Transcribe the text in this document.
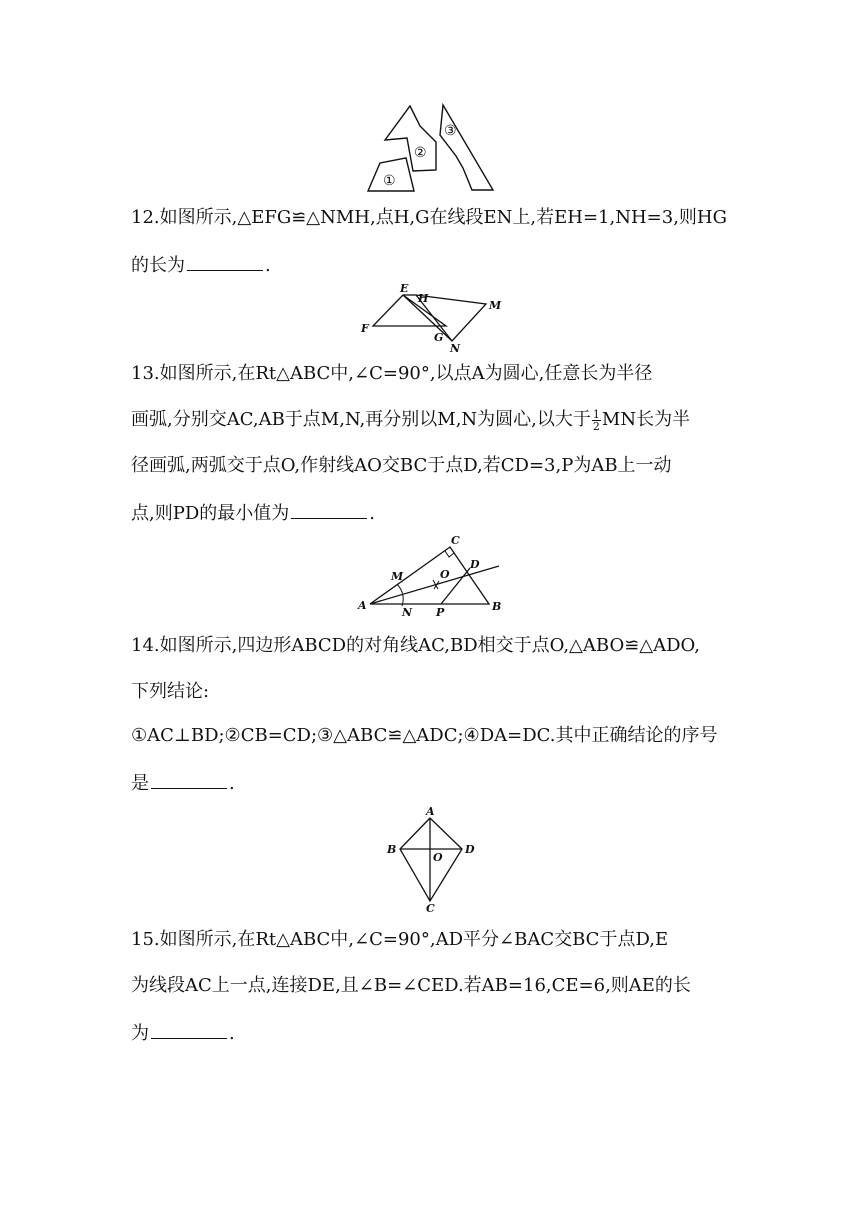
①
②
③
12.如图所示,△EFG≌△NMH,点H,G在线段EN上,若EH=1,NH=3,则HG
的长为	.
E
H
M
F
G
N
13.如图所示,在Rt△ABC中,∠C=90°,以点A为圆心,任意长为半径
画弧,分别交AC,AB于点M,N,再分别以M,N为圆心,以大于 $\frac{1}{2}$ MN长为半
径画弧,两弧交于点O,作射线AO交BC于点D,若CD=3,P为AB上一动
点,则PD的最小值为	.
C
M	O
D
A
N P	B
14.如图所示,四边形ABCD的对角线AC,BD相交于点O,△ABO≌△ADO,
下列结论:
①AC⊥BD;②CB=CD;③△ABC≌△ADC;④DA=DC.其中正确结论的序号
是	.
A
B
O
D
C
15.如图所示,在Rt△ABC中,∠C=90°,AD平分∠BAC交BC于点D,E
为线段AC上一点,连接DE,且∠B=∠CED.若AB=16,CE=6,则AE的长
为	.
